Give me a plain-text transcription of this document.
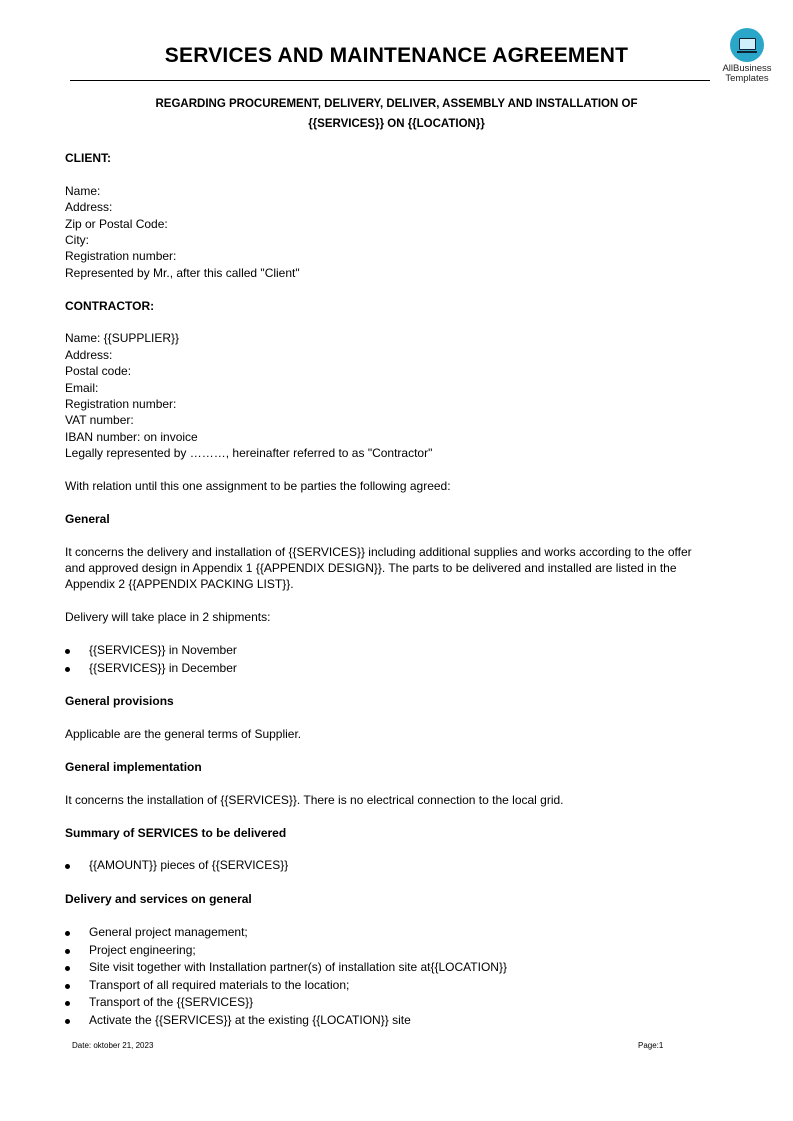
SERVICES AND MAINTENANCE AGREEMENT
AllBusiness
Templates
REGARDING PROCUREMENT, DELIVERY, DELIVER, ASSEMBLY AND INSTALLATION OF
{{SERVICES}} ON {{LOCATION}}

CLIENT:

Name:

Address:

Zip or Postal Code:

City:

Registration number:

Represented by Mr., after this called "Client"

CONTRACTOR:

Name: {{SUPPLIER}}

Address:

Postal code:

Email:

Registration number:

VAT number:

IBAN number: on invoice

Legally represented by ………, hereinafter referred to as "Contractor"

With relation until this one assignment to be parties the following agreed:

General

It concerns the delivery and installation of {{SERVICES}} including additional supplies and works according to the offer and approved design in Appendix 1 {{APPENDIX DESIGN}}. The parts to be delivered and installed are listed in the Appendix 2 {{APPENDIX PACKING LIST}}.

Delivery will take place in 2 shipments:

{{SERVICES}} in November
{{SERVICES}} in December

General provisions

Applicable are the general terms of Supplier.

General implementation

It concerns the installation of {{SERVICES}}. There is no electrical connection to the local grid.

Summary of SERVICES to be delivered

{{AMOUNT}} pieces of {{SERVICES}}

Delivery and services on general

General project management;
Project engineering;
Site visit together with Installation partner(s) of installation site at{{LOCATION}}
Transport of all required materials to the location;
Transport of the {{SERVICES}}
Activate the {{SERVICES}} at the existing {{LOCATION}} site
Date: oktober 21, 2023	Page:1
